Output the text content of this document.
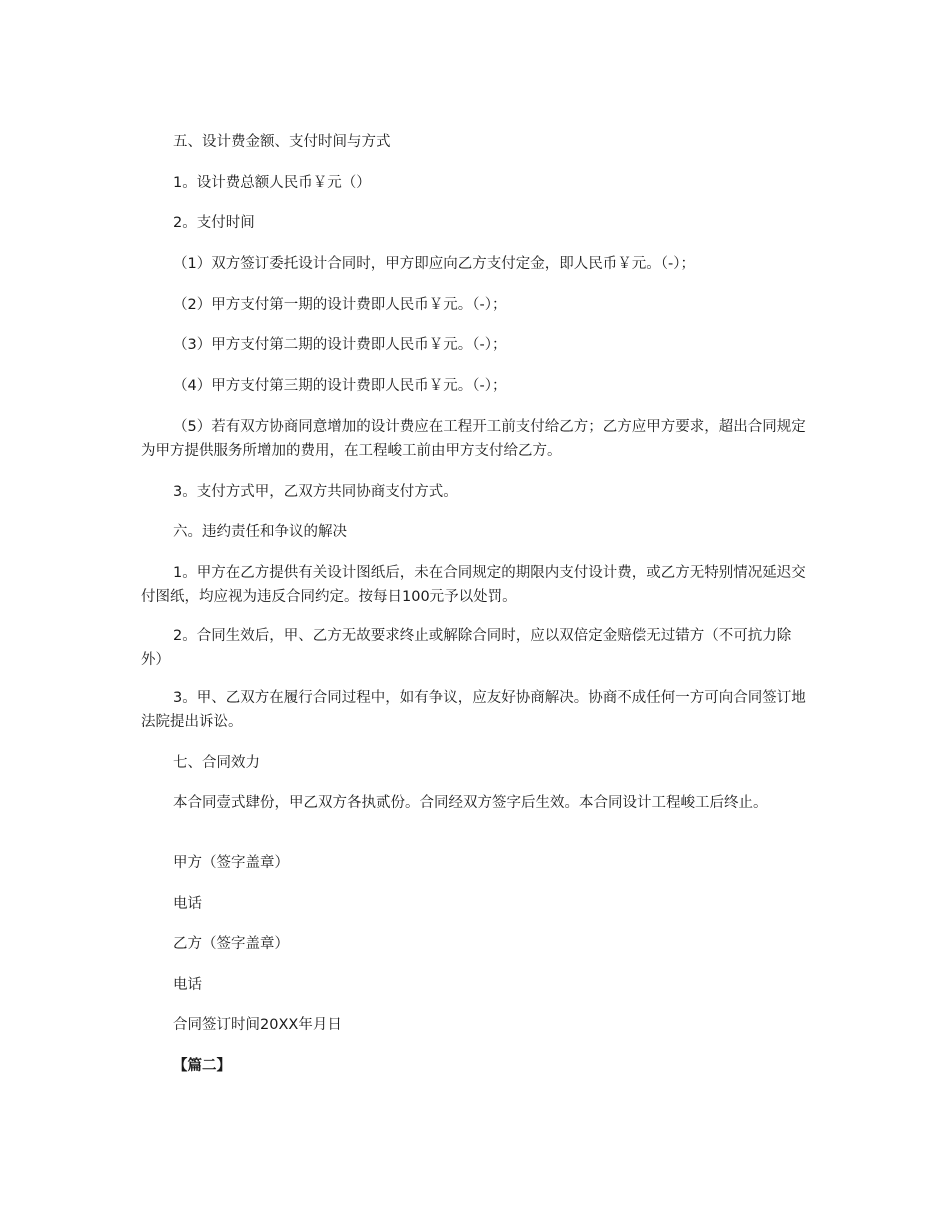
五、设计费金额、支付时间与方式

1。设计费总额人民币￥元（）

2。支付时间

（1）双方签订委托设计合同时，甲方即应向乙方支付定金，即人民币￥元。（-）；

（2）甲方支付第一期的设计费即人民币￥元。（-）；

（3）甲方支付第二期的设计费即人民币￥元。（-）；

（4）甲方支付第三期的设计费即人民币￥元。（-）；

（5）若有双方协商同意增加的设计费应在工程开工前支付给乙方；乙方应甲方要求，超出合同规定为甲方提供服务所增加的费用，在工程峻工前由甲方支付给乙方。

3。支付方式甲，乙双方共同协商支付方式。

六。违约责任和争议的解决

1。甲方在乙方提供有关设计图纸后，未在合同规定的期限内支付设计费，或乙方无特别情况延迟交付图纸，均应视为违反合同约定。按每日100元予以处罚。

2。合同生效后，甲、乙方无故要求终止或解除合同时，应以双倍定金赔偿无过错方（不可抗力除外）

3。甲、乙双方在履行合同过程中，如有争议，应友好协商解决。协商不成任何一方可向合同签订地法院提出诉讼。

七、合同效力

本合同壹式肆份，甲乙双方各执贰份。合同经双方签字后生效。本合同设计工程峻工后终止。

甲方（签字盖章）

电话

乙方（签字盖章）

电话

合同签订时间20XX年月日

【篇二】
